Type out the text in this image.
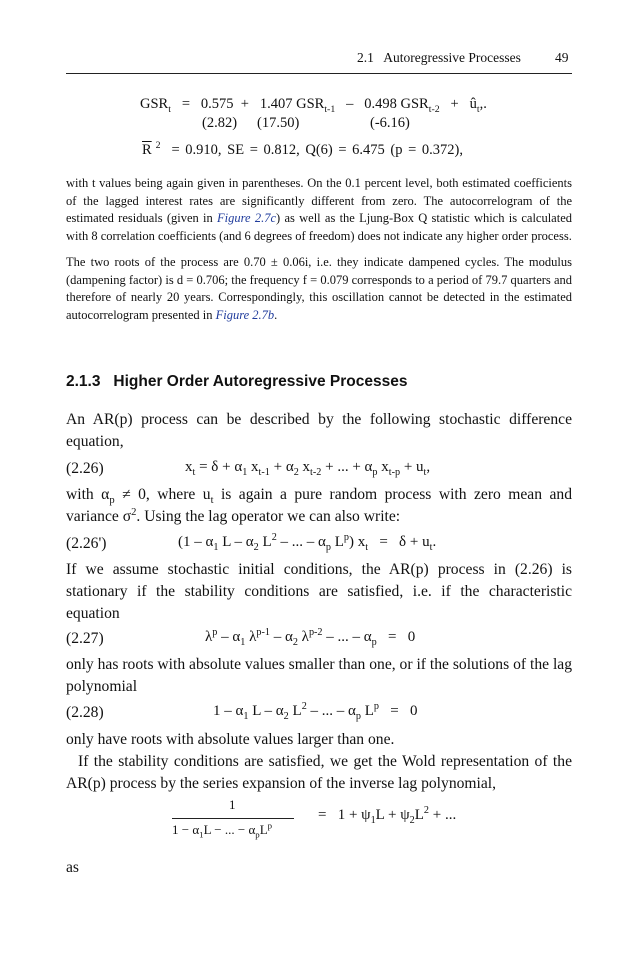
2.1 Autoregressive Processes	49
$GSR_t = 0.575 + 1.407$ $GSR_{t-1} - 0.498$ $GSR_{t-2}$ + $û_t$,.
(2.82) (17.50)	(-6.16)
$\overline{R}$ $^2$ = 0.910, SE = 0.812, Q(6) = 6.475 (p = 0.372),
with t values being again given in parentheses. On the 0.1 percent level, both estimated coefficients of the lagged interest rates are significantly different from zero. The autocorrelogram of the estimated residuals (given in Figure 2.7c) as well as the Ljung-Box Q statistic which is calculated with 8 correlation coefficients (and 6 degrees of freedom) does not indicate any higher order process.
The two roots of the process are 0.70 ± 0.06i, i.e. they indicate dampened cycles. The modulus (dampening factor) is d = 0.706; the frequency f = 0.079 corresponds to a period of 79.7 quarters and therefore of nearly 20 years. Correspondingly, this oscillation cannot be detected in the estimated autocorrelogram presented in Figure 2.7b.
2.1.3 Higher Order Autoregressive Processes
An AR(p) process can be described by the following stochastic difference equation,
(2.26)	$x_t = \delta + \alpha_1$ $x_{t-1} + \alpha_2$ $x_{t-2}$ + ... + $\alpha_p$ $x_{t-p} + u_t$,
with $\alpha_p \ne 0$, where $u_t$ is again a pure random process with zero mean and variance $\sigma^2$. Using the lag operator we can also write:
(2.26')	($1 - \alpha_1$ L – $\alpha_2$ $L^2$ – ... – $\alpha_p$ $L^p$) $x_t = \delta + u_t$.
If we assume stochastic initial conditions, the AR(p) process in (2.26) is stationary if the stability conditions are satisfied, i.e. if the characteristic equation
(2.27)	$\lambda^p - \alpha_1$ $\lambda^{p-1} - \alpha_2$ $\lambda^{p-2}$ – ... – $\alpha_p = 0$
only has roots with absolute values smaller than one, or if the solutions of the lag polynomial
(2.28)	$1 - \alpha_1$ L – $\alpha_2$ $L^2$ – ... – $\alpha_p$ $L^p = 0$
only have roots with absolute values larger than one.
If the stability conditions are satisfied, we get the Wold representation of the AR(p) process by the series expansion of the inverse lag polynomial,
1
$1 - \alpha_1L$ − ... − $\alpha_pL^p$
=   $1 + \psi_1L + \psi_2L^2$ + ...
as
